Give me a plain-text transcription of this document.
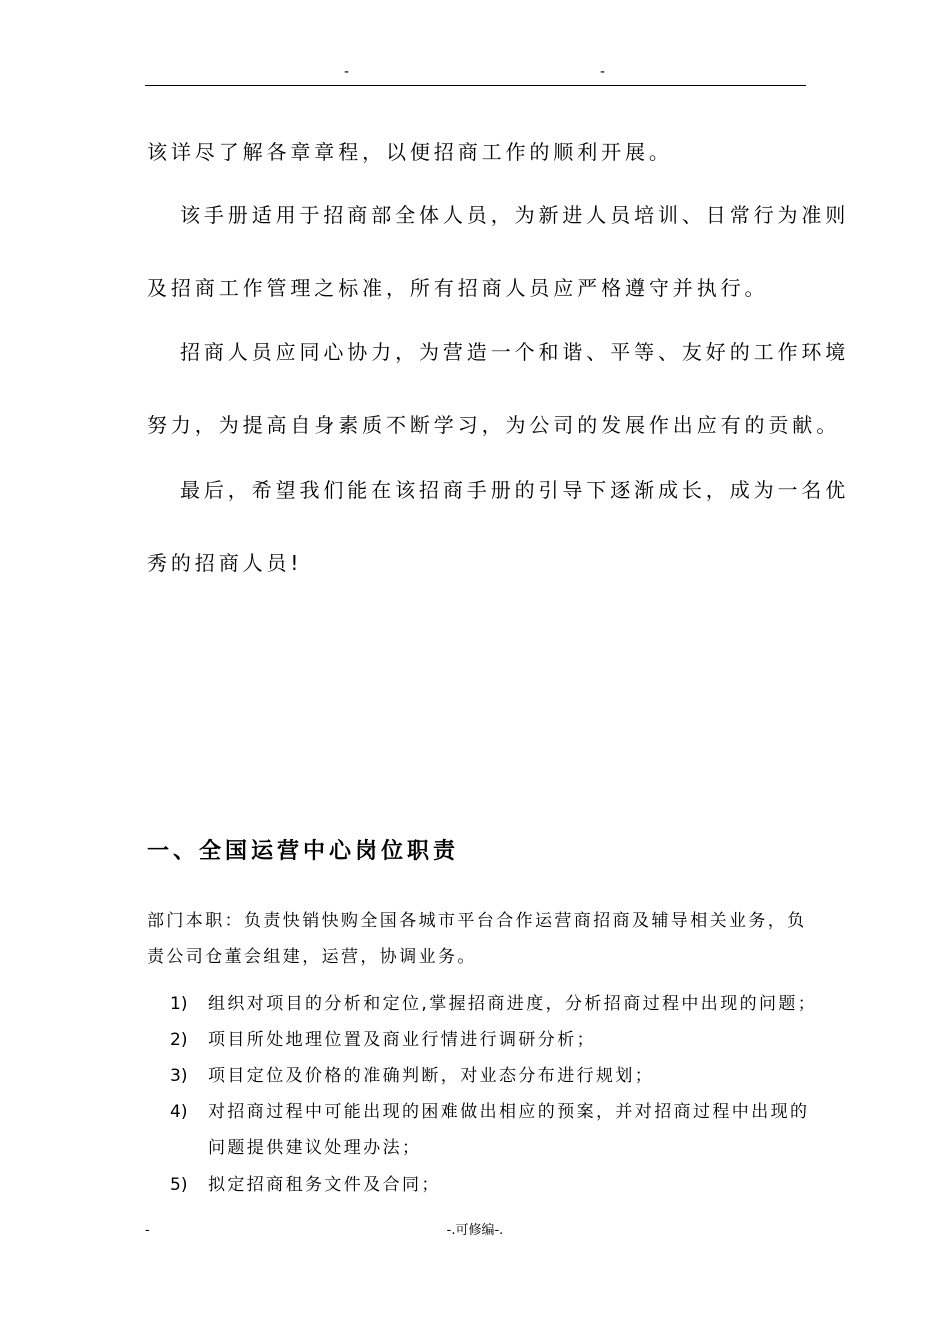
-	-
该详尽了解各章章程，以便招商工作的顺利开展。
该手册适用于招商部全体人员，为新进人员培训、日常行为准则
及招商工作管理之标准，所有招商人员应严格遵守并执行。
招商人员应同心协力，为营造一个和谐、平等、友好的工作环境
努力，为提高自身素质不断学习，为公司的发展作出应有的贡献。
最后，希望我们能在该招商手册的引导下逐渐成长，成为一名优
秀的招商人员!
一、全国运营中心岗位职责
部门本职：负责快销快购全国各城市平台合作运营商招商及辅导相关业务，负
责公司仓董会组建，运营，协调业务。
1) 组织对项目的分析和定位,掌握招商进度，分析招商过程中出现的问题；
2) 项目所处地理位置及商业行情进行调研分析；
3) 项目定位及价格的准确判断，对业态分布进行规划；
4) 对招商过程中可能出现的困难做出相应的预案，并对招商过程中出现的
问题提供建议处理办法；
5) 拟定招商租务文件及合同；
-	-.可修编-.
